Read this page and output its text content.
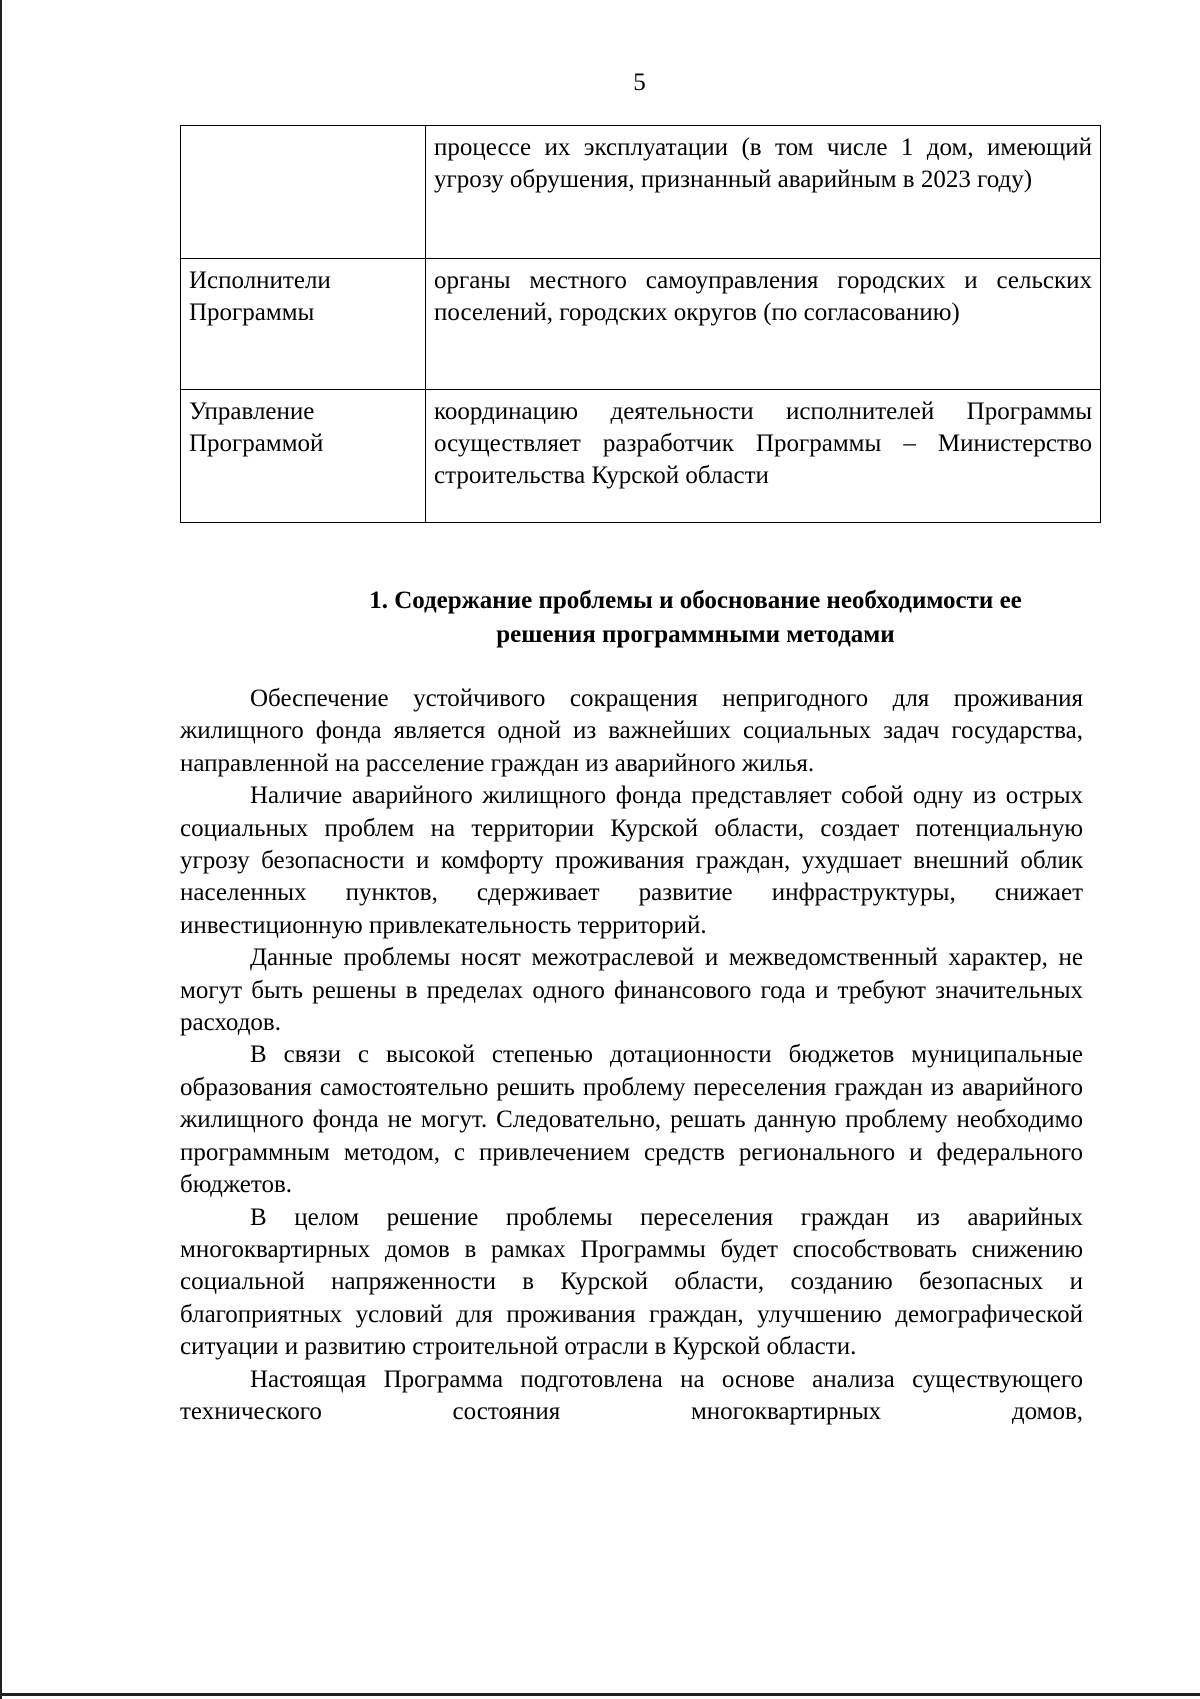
5
	процессе их эксплуатации (в том числе 1 дом, имеющий угрозу обрушения, признанный аварийным в 2023 году)
Исполнители Программы	органы местного самоуправления городских и сельских поселений, городских округов (по согласованию)
Управление Программой	координацию деятельности исполнителей Программы осуществляет разработчик Программы – Министерство строительства Курской области
1. Содержание проблемы и обоснование необходимости ее
решения программными методами

Обеспечение устойчивого сокращения непригодного для проживания жилищного фонда является одной из важнейших социальных задач государства, направленной на расселение граждан из аварийного жилья.

Наличие аварийного жилищного фонда представляет собой одну из острых социальных проблем на территории Курской области, создает потенциальную угрозу безопасности и комфорту проживания граждан, ухудшает внешний облик населенных пунктов, сдерживает развитие инфраструктуры, снижает инвестиционную привлекательность территорий.

Данные проблемы носят межотраслевой и межведомственный характер, не могут быть решены в пределах одного финансового года и требуют значительных расходов.

В связи с высокой степенью дотационности бюджетов муниципальные образования самостоятельно решить проблему переселения граждан из аварийного жилищного фонда не могут. Следовательно, решать данную проблему необходимо программным методом, с привлечением средств регионального и федерального бюджетов.

В целом решение проблемы переселения граждан из аварийных многоквартирных домов в рамках Программы будет способствовать снижению социальной напряженности в Курской области, созданию безопасных и благоприятных условий для проживания граждан, улучшению демографической ситуации и развитию строительной отрасли в Курской области.

Настоящая Программа подготовлена на основе анализа существующего технического состояния многоквартирных домов,
